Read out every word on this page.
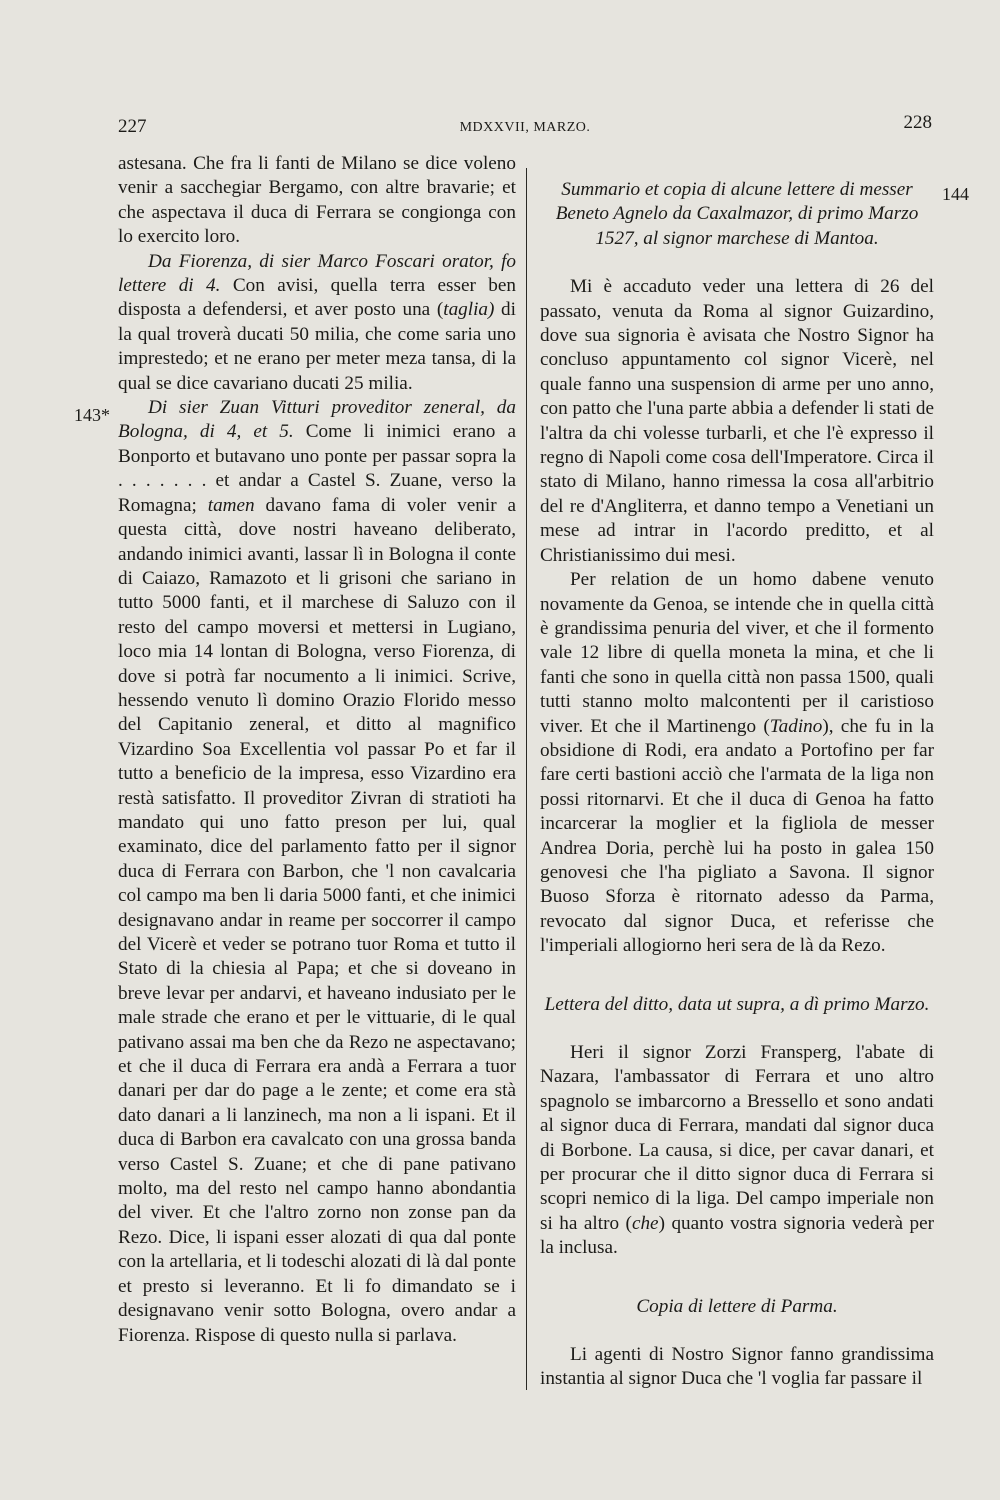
227	MDXXVII, MARZO.	228
143*
144

astesana. Che fra li fanti de Milano se dice voleno venir a sacchegiar Bergamo, con altre bravarie; et che aspectava il duca di Ferrara se congionga con lo exercito loro.

Da Fiorenza, di sier Marco Foscari orator, fo lettere di 4. Con avisi, quella terra esser ben disposta a defendersi, et aver posto una (taglia) di la qual troverà ducati 50 milia, che come saria uno imprestedo; et ne erano per meter meza tansa, di la qual se dice cavariano ducati 25 milia.

Di sier Zuan Vitturi proveditor zeneral, da Bologna, di 4, et 5. Come li inimici erano a Bonporto et butavano uno ponte per passar sopra la . . . . . . . et andar a Castel S. Zuane, verso la Romagna; tamen davano fama di voler venir a questa città, dove nostri haveano deliberato, andando inimici avanti, lassar lì in Bologna il conte di Caiazo, Ramazoto et li grisoni che sariano in tutto 5000 fanti, et il marchese di Saluzo con il resto del campo moversi et mettersi in Lugiano, loco mia 14 lontan di Bologna, verso Fiorenza, di dove si potrà far nocumento a li inimici. Scrive, hessendo venuto lì domino Orazio Florido messo del Capitanio zeneral, et ditto al magnifico Vizardino Soa Excellentia vol passar Po et far il tutto a beneficio de la impresa, esso Vizardino era restà satisfatto. Il proveditor Zivran di stratioti ha mandato qui uno fatto preson per lui, qual examinato, dice del parlamento fatto per il signor duca di Ferrara con Barbon, che 'l non cavalcaria col campo ma ben li daria 5000 fanti, et che inimici designavano andar in reame per soccorrer il campo del Vicerè et veder se potrano tuor Roma et tutto il Stato di la chiesia al Papa; et che si doveano in breve levar per andarvi, et haveano indusiato per le male strade che erano et per le vittuarie, di le qual pativano assai ma ben che da Rezo ne aspectavano; et che il duca di Ferrara era andà a Ferrara a tuor danari per dar do page a le zente; et come era stà dato danari a li lanzinech, ma non a li ispani. Et il duca di Barbon era cavalcato con una grossa banda verso Castel S. Zuane; et che di pane pativano molto, ma del resto nel campo hanno abondantia del viver. Et che l'altro zorno non zonse pan da Rezo. Dice, li ispani esser alozati di qua dal ponte con la artellaria, et li todeschi alozati di là dal ponte et presto si leveranno. Et li fo dimandato se i designavano venir sotto Bologna, overo andar a Fiorenza. Rispose di questo nulla si parlava.

Summario et copia di alcune lettere di messer Beneto Agnelo da Caxalmazor, di primo Marzo 1527, al signor marchese di Mantoa.

Mi è accaduto veder una lettera di 26 del passato, venuta da Roma al signor Guizardino, dove sua signoria è avisata che Nostro Signor ha concluso appuntamento col signor Vicerè, nel quale fanno una suspension di arme per uno anno, con patto che l'una parte abbia a defender li stati de l'altra da chi volesse turbarli, et che l'è expresso il regno di Napoli come cosa dell'Imperatore. Circa il stato di Milano, hanno rimessa la cosa all'arbitrio del re d'Angliterra, et danno tempo a Venetiani un mese ad intrar in l'acordo preditto, et al Christianissimo dui mesi.

Per relation de un homo dabene venuto novamente da Genoa, se intende che in quella città è grandissima penuria del viver, et che il formento vale 12 libre di quella moneta la mina, et che li fanti che sono in quella città non passa 1500, quali tutti stanno molto malcontenti per il caristioso viver. Et che il Martinengo (Tadino), che fu in la obsidione di Rodi, era andato a Portofino per far fare certi bastioni acciò che l'armata de la liga non possi ritornarvi. Et che il duca di Genoa ha fatto incarcerar la moglier et la figliola de messer Andrea Doria, perchè lui ha posto in galea 150 genovesi che l'ha pigliato a Savona. Il signor Buoso Sforza è ritornato adesso da Parma, revocato dal signor Duca, et referisse che l'imperiali allogiorno heri sera de là da Rezo.

Lettera del ditto, data ut supra, a dì primo Marzo.

Heri il signor Zorzi Fransperg, l'abate di Nazara, l'ambassator di Ferrara et uno altro spagnolo se imbarcorno a Bressello et sono andati al signor duca di Ferrara, mandati dal signor duca di Borbone. La causa, si dice, per cavar danari, et per procurar che il ditto signor duca di Ferrara si scopri nemico di la liga. Del campo imperiale non si ha altro (che) quanto vostra signoria vederà per la inclusa.

Copia di lettere di Parma.

Li agenti di Nostro Signor fanno grandissima instantia al signor Duca che 'l voglia far passare il
